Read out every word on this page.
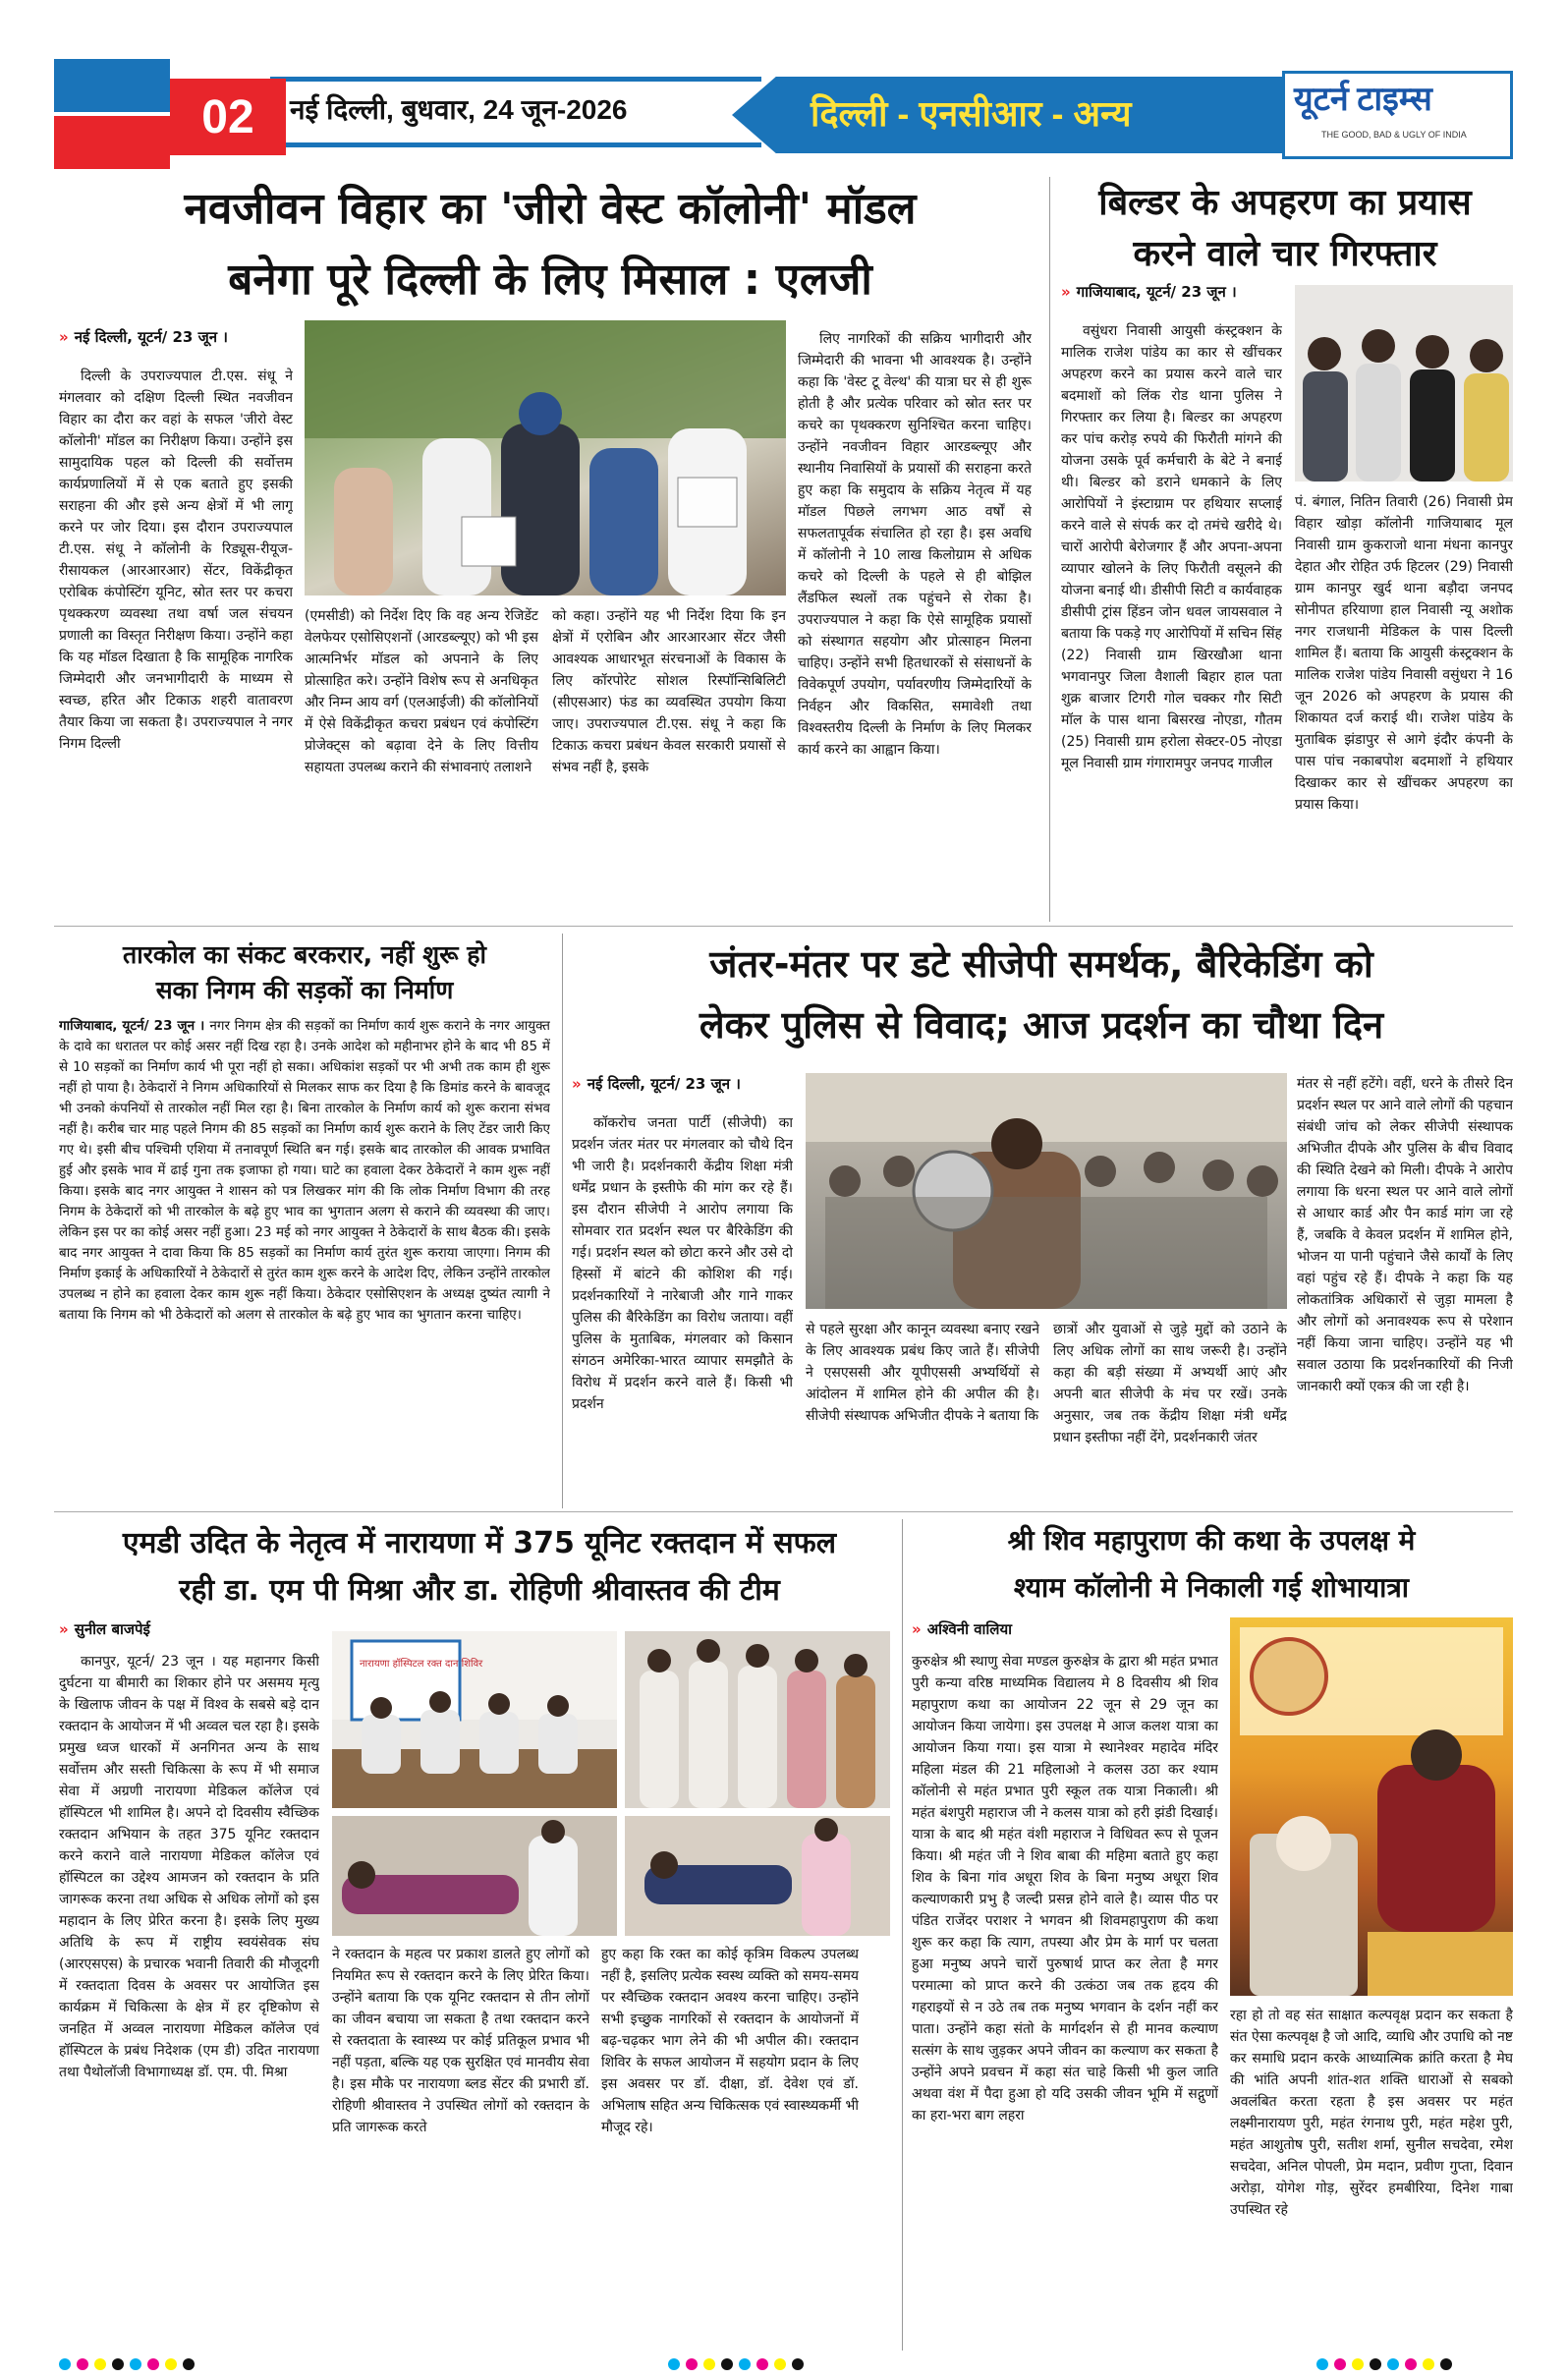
02	नई दिल्ली, बुधवार, 24 जून-2026	दिल्ली - एनसीआर - अन्य	यूटर्न टाइम्स
THE GOOD, BAD & UGLY OF INDIA
नवजीवन विहार का 'जीरो वेस्ट कॉलोनी' मॉडल
बनेगा पूरे दिल्ली के लिए मिसाल : एलजी
» नई दिल्ली, यूटर्न/ 23 जून ।
दिल्ली के उपराज्यपाल टी.एस. संधू ने मंगलवार को दक्षिण दिल्ली स्थित नवजीवन विहार का दौरा कर वहां के सफल 'जीरो वेस्ट कॉलोनी' मॉडल का निरीक्षण किया। उन्होंने इस सामुदायिक पहल को दिल्ली की सर्वोत्तम कार्यप्रणालियों में से एक बताते हुए इसकी सराहना की और इसे अन्य क्षेत्रों में भी लागू करने पर जोर दिया। इस दौरान उपराज्यपाल टी.एस. संधू ने कॉलोनी के रिड्यूस-रीयूज-रीसायकल (आरआरआर) सेंटर, विकेंद्रीकृत एरोबिक कंपोस्टिंग यूनिट, स्रोत स्तर पर कचरा पृथक्करण व्यवस्था तथा वर्षा जल संचयन प्रणाली का विस्तृत निरीक्षण किया। उन्होंने कहा कि यह मॉडल दिखाता है कि सामूहिक नागरिक जिम्मेदारी और जनभागीदारी के माध्यम से स्वच्छ, हरित और टिकाऊ शहरी वातावरण तैयार किया जा सकता है। उपराज्यपाल ने नगर निगम दिल्ली
(एमसीडी) को निर्देश दिए कि वह अन्य रेजिडेंट वेलफेयर एसोसिएशनों (आरडब्ल्यूए) को भी इस आत्मनिर्भर मॉडल को अपनाने के लिए प्रोत्साहित करे। उन्होंने विशेष रूप से अनधिकृत और निम्न आय वर्ग (एलआईजी) की कॉलोनियों में ऐसे विकेंद्रीकृत कचरा प्रबंधन एवं कंपोस्टिंग प्रोजेक्ट्स को बढ़ावा देने के लिए वित्तीय सहायता उपलब्ध कराने की संभावनाएं तलाशने
को कहा। उन्होंने यह भी निर्देश दिया कि इन क्षेत्रों में एरोबिन और आरआरआर सेंटर जैसी आवश्यक आधारभूत संरचनाओं के विकास के लिए कॉरपोरेट सोशल रिस्पॉन्सिबिलिटी (सीएसआर) फंड का व्यवस्थित उपयोग किया जाए। उपराज्यपाल टी.एस. संधू ने कहा कि टिकाऊ कचरा प्रबंधन केवल सरकारी प्रयासों से संभव नहीं है, इसके
लिए नागरिकों की सक्रिय भागीदारी और जिम्मेदारी की भावना भी आवश्यक है। उन्होंने कहा कि 'वेस्ट टू वेल्थ' की यात्रा घर से ही शुरू होती है और प्रत्येक परिवार को स्रोत स्तर पर कचरे का पृथक्करण सुनिश्चित करना चाहिए। उन्होंने नवजीवन विहार आरडब्ल्यूए और स्थानीय निवासियों के प्रयासों की सराहना करते हुए कहा कि समुदाय के सक्रिय नेतृत्व में यह मॉडल पिछले लगभग आठ वर्षों से सफलतापूर्वक संचालित हो रहा है। इस अवधि में कॉलोनी ने 10 लाख किलोग्राम से अधिक कचरे को दिल्ली के पहले से ही बोझिल लैंडफिल स्थलों तक पहुंचने से रोका है। उपराज्यपाल ने कहा कि ऐसे सामूहिक प्रयासों को संस्थागत सहयोग और प्रोत्साहन मिलना चाहिए। उन्होंने सभी हितधारकों से संसाधनों के विवेकपूर्ण उपयोग, पर्यावरणीय जिम्मेदारियों के निर्वहन और विकसित, समावेशी तथा विश्वस्तरीय दिल्ली के निर्माण के लिए मिलकर कार्य करने का आह्वान किया।
बिल्डर के अपहरण का प्रयास
करने वाले चार गिरफ्तार
» गाजियाबाद, यूटर्न/ 23 जून ।
वसुंधरा निवासी आयुसी कंस्ट्रक्शन के मालिक राजेश पांडेय का कार से खींचकर अपहरण करने का प्रयास करने वाले चार बदमाशों को लिंक रोड थाना पुलिस ने गिरफ्तार कर लिया है। बिल्डर का अपहरण कर पांच करोड़ रुपये की फिरौती मांगने की योजना उसके पूर्व कर्मचारी के बेटे ने बनाई थी। बिल्डर को डराने धमकाने के लिए आरोपियों ने इंस्टाग्राम पर हथियार सप्लाई करने वाले से संपर्क कर दो तमंचे खरीदे थे। चारों आरोपी बेरोजगार हैं और अपना-अपना व्यापार खोलने के लिए फिरौती वसूलने की योजना बनाई थी। डीसीपी सिटी व कार्यवाहक डीसीपी ट्रांस हिंडन जोन धवल जायसवाल ने बताया कि पकड़े गए आरोपियों में सचिन सिंह (22) निवासी ग्राम खिरखौआ थाना भगवानपुर जिला वैशाली बिहार हाल पता शुक्र बाजार टिगरी गोल चक्कर गौर सिटी मॉल के पास थाना बिसरख नोएडा, गौतम (25) निवासी ग्राम हरोला सेक्टर-05 नोएडा मूल निवासी ग्राम गंगारामपुर जनपद गाजील
पं. बंगाल, नितिन तिवारी (26) निवासी प्रेम विहार खोड़ा कॉलोनी गाजियाबाद मूल निवासी ग्राम कुकराजो थाना मंधना कानपुर देहात और रोहित उर्फ हिटलर (29) निवासी ग्राम कानपुर खुर्द थाना बड़ौदा जनपद सोनीपत हरियाणा हाल निवासी न्यू अशोक नगर राजधानी मेडिकल के पास दिल्ली शामिल हैं। बताया कि आयुसी कंस्ट्रक्शन के मालिक राजेश पांडेय निवासी वसुंधरा ने 16 जून 2026 को अपहरण के प्रयास की शिकायत दर्ज कराई थी। राजेश पांडेय के मुताबिक झंडापुर से आगे इंदौर कंपनी के पास पांच नकाबपोश बदमाशों ने हथियार दिखाकर कार से खींचकर अपहरण का प्रयास किया।
तारकोल का संकट बरकरार, नहीं शुरू हो
सका निगम की सड़कों का निर्माण
गाजियाबाद, यूटर्न/ 23 जून । नगर निगम क्षेत्र की सड़कों का निर्माण कार्य शुरू कराने के नगर आयुक्त के दावे का धरातल पर कोई असर नहीं दिख रहा है। उनके आदेश को महीनाभर होने के बाद भी 85 में से 10 सड़कों का निर्माण कार्य भी पूरा नहीं हो सका। अधिकांश सड़कों पर भी अभी तक काम ही शुरू नहीं हो पाया है। ठेकेदारों ने निगम अधिकारियों से मिलकर साफ कर दिया है कि डिमांड करने के बावजूद भी उनको कंपनियों से तारकोल नहीं मिल रहा है। बिना तारकोल के निर्माण कार्य को शुरू कराना संभव नहीं है। करीब चार माह पहले निगम की 85 सड़कों का निर्माण कार्य शुरू कराने के लिए टेंडर जारी किए गए थे। इसी बीच पश्चिमी एशिया में तनावपूर्ण स्थिति बन गई। इसके बाद तारकोल की आवक प्रभावित हुई और इसके भाव में ढाई गुना तक इजाफा हो गया। घाटे का हवाला देकर ठेकेदारों ने काम शुरू नहीं किया। इसके बाद नगर आयुक्त ने शासन को पत्र लिखकर मांग की कि लोक निर्माण विभाग की तरह निगम के ठेकेदारों को भी तारकोल के बढ़े हुए भाव का भुगतान अलग से कराने की व्यवस्था की जाए। लेकिन इस पर का कोई असर नहीं हुआ। 23 मई को नगर आयुक्त ने ठेकेदारों के साथ बैठक की। इसके बाद नगर आयुक्त ने दावा किया कि 85 सड़कों का निर्माण कार्य तुरंत शुरू कराया जाएगा। निगम की निर्माण इकाई के अधिकारियों ने ठेकेदारों से तुरंत काम शुरू करने के आदेश दिए, लेकिन उन्होंने तारकोल उपलब्ध न होने का हवाला देकर काम शुरू नहीं किया। ठेकेदार एसोसिएशन के अध्यक्ष दुष्यंत त्यागी ने बताया कि निगम को भी ठेकेदारों को अलग से तारकोल के बढ़े हुए भाव का भुगतान करना चाहिए।
जंतर-मंतर पर डटे सीजेपी समर्थक, बैरिकेडिंग को
लेकर पुलिस से विवाद; आज प्रदर्शन का चौथा दिन
» नई दिल्ली, यूटर्न/ 23 जून ।
कॉकरोच जनता पार्टी (सीजेपी) का प्रदर्शन जंतर मंतर पर मंगलवार को चौथे दिन भी जारी है। प्रदर्शनकारी केंद्रीय शिक्षा मंत्री धर्मेंद्र प्रधान के इस्तीफे की मांग कर रहे हैं। इस दौरान सीजेपी ने आरोप लगाया कि सोमवार रात प्रदर्शन स्थल पर बैरिकेडिंग की गई। प्रदर्शन स्थल को छोटा करने और उसे दो हिस्सों में बांटने की कोशिश की गई। प्रदर्शनकारियों ने नारेबाजी और गाने गाकर पुलिस की बैरिकेडिंग का विरोध जताया। वहीं पुलिस के मुताबिक, मंगलवार को किसान संगठन अमेरिका-भारत व्यापार समझौते के विरोध में प्रदर्शन करने वाले हैं। किसी भी प्रदर्शन
से पहले सुरक्षा और कानून व्यवस्था बनाए रखने के लिए आवश्यक प्रबंध किए जाते हैं। सीजेपी ने एसएससी और यूपीएससी अभ्यर्थियों से आंदोलन में शामिल होने की अपील की है। सीजेपी संस्थापक अभिजीत दीपके ने बताया कि
छात्रों और युवाओं से जुड़े मुद्दों को उठाने के लिए अधिक लोगों का साथ जरूरी है। उन्होंने कहा की बड़ी संख्या में अभ्यर्थी आएं और अपनी बात सीजेपी के मंच पर रखें। उनके अनुसार, जब तक केंद्रीय शिक्षा मंत्री धर्मेंद्र प्रधान इस्तीफा नहीं देंगे, प्रदर्शनकारी जंतर
मंतर से नहीं हटेंगे। वहीं, धरने के तीसरे दिन प्रदर्शन स्थल पर आने वाले लोगों की पहचान संबंधी जांच को लेकर सीजेपी संस्थापक अभिजीत दीपके और पुलिस के बीच विवाद की स्थिति देखने को मिली। दीपके ने आरोप लगाया कि धरना स्थल पर आने वाले लोगों से आधार कार्ड और पैन कार्ड मांग जा रहे हैं, जबकि वे केवल प्रदर्शन में शामिल होने, भोजन या पानी पहुंचाने जैसे कार्यों के लिए वहां पहुंच रहे हैं। दीपके ने कहा कि यह लोकतांत्रिक अधिकारों से जुड़ा मामला है और लोगों को अनावश्यक रूप से परेशान नहीं किया जाना चाहिए। उन्होंने यह भी सवाल उठाया कि प्रदर्शनकारियों की निजी जानकारी क्यों एकत्र की जा रही है।
एमडी उदित के नेतृत्व में नारायणा में 375 यूनिट रक्तदान में सफल
रही डा. एम पी मिश्रा और डा. रोहिणी श्रीवास्तव की टीम
» सुनील बाजपेई
कानपुर, यूटर्न/ 23 जून । यह महानगर किसी दुर्घटना या बीमारी का शिकार होने पर असमय मृत्यु के खिलाफ जीवन के पक्ष में विश्व के सबसे बड़े दान रक्तदान के आयोजन में भी अव्वल चल रहा है। इसके प्रमुख ध्वज धारकों में अनगिनत अन्य के साथ सर्वोत्तम और सस्ती चिकित्सा के रूप में भी समाज सेवा में अग्रणी नारायणा मेडिकल कॉलेज एवं हॉस्पिटल भी शामिल है। अपने दो दिवसीय स्वैच्छिक रक्तदान अभियान के तहत 375 यूनिट रक्तदान करने कराने वाले नारायणा मेडिकल कॉलेज एवं हॉस्पिटल का उद्देश्य आमजन को रक्तदान के प्रति जागरूक करना तथा अधिक से अधिक लोगों को इस महादान के लिए प्रेरित करना है। इसके लिए मुख्य अतिथि के रूप में राष्ट्रीय स्वयंसेवक संघ (आरएसएस) के प्रचारक भवानी तिवारी की मौजूदगी में रक्तदाता दिवस के अवसर पर आयोजित इस कार्यक्रम में चिकित्सा के क्षेत्र में हर दृष्टिकोण से जनहित में अव्वल नारायणा मेडिकल कॉलेज एवं हॉस्पिटल के प्रबंध निदेशक (एम डी) उदित नारायणा तथा पैथोलॉजी विभागाध्यक्ष डॉ. एम. पी. मिश्रा
नारायणा हॉस्पिटल रक्त दान शिविर
ने रक्तदान के महत्व पर प्रकाश डालते हुए लोगों को नियमित रूप से रक्तदान करने के लिए प्रेरित किया। उन्होंने बताया कि एक यूनिट रक्तदान से तीन लोगों का जीवन बचाया जा सकता है तथा रक्तदान करने से रक्तदाता के स्वास्थ्य पर कोई प्रतिकूल प्रभाव भी नहीं पड़ता, बल्कि यह एक सुरक्षित एवं मानवीय सेवा है। इस मौके पर नारायणा ब्लड सेंटर की प्रभारी डॉ. रोहिणी श्रीवास्तव ने उपस्थित लोगों को रक्तदान के प्रति जागरूक करते
हुए कहा कि रक्त का कोई कृत्रिम विकल्प उपलब्ध नहीं है, इसलिए प्रत्येक स्वस्थ व्यक्ति को समय-समय पर स्वैच्छिक रक्तदान अवश्य करना चाहिए। उन्होंने सभी इच्छुक नागरिकों से रक्तदान के आयोजनों में बढ़-चढ़कर भाग लेने की भी अपील की। रक्तदान शिविर के सफल आयोजन में सहयोग प्रदान के लिए इस अवसर पर डॉ. दीक्षा, डॉ. देवेश एवं डॉ. अभिलाष सहित अन्य चिकित्सक एवं स्वास्थ्यकर्मी भी मौजूद रहे।
श्री शिव महापुराण की कथा के उपलक्ष मे
श्याम कॉलोनी मे निकाली गई शोभायात्रा
» अश्विनी वालिया
कुरुक्षेत्र श्री स्थाणु सेवा मण्डल कुरुक्षेत्र के द्वारा श्री महंत प्रभात पुरी कन्या वरिष्ठ माध्यमिक विद्यालय मे 8 दिवसीय श्री शिव महापुराण कथा का आयोजन 22 जून से 29 जून का आयोजन किया जायेगा। इस उपलक्ष मे आज कलश यात्रा का आयोजन किया गया। इस यात्रा मे स्थानेश्वर महादेव मंदिर महिला मंडल की 21 महिलाओ ने कलस उठा कर श्याम कॉलोनी से महंत प्रभात पुरी स्कूल तक यात्रा निकाली। श्री महंत बंशपुरी महाराज जी ने कलस यात्रा को हरी झंडी दिखाई। यात्रा के बाद श्री महंत वंशी महाराज ने विधिवत रूप से पूजन किया। श्री महंत जी ने शिव बाबा की महिमा बताते हुए कहा शिव के बिना गांव अधूरा शिव के बिना मनुष्य अधूरा शिव कल्याणकारी प्रभु है जल्दी प्रसन्न होने वाले है। व्यास पीठ पर पंडित राजेंदर पराशर ने भगवन श्री शिवमहापुराण की कथा शुरू कर कहा कि त्याग, तपस्या और प्रेम के मार्ग पर चलता हुआ मनुष्य अपने चारों पुरुषार्थ प्राप्त कर लेता है मगर परमात्मा को प्राप्त करने की उत्कंठा जब तक हृदय की गहराइयों से न उठे तब तक मनुष्य भगवान के दर्शन नहीं कर पाता। उन्होंने कहा संतो के मार्गदर्शन से ही मानव कल्याण सत्संग के साथ जुड़कर अपने जीवन का कल्याण कर सकता है उन्होंने अपने प्रवचन में कहा संत चाहे किसी भी कुल जाति अथवा वंश में पैदा हुआ हो यदि उसकी जीवन भूमि में सद्गुणों का हरा-भरा बाग लहरा
रहा हो तो वह संत साक्षात कल्पवृक्ष प्रदान कर सकता है संत ऐसा कल्पवृक्ष है जो आदि, व्याधि और उपाधि को नष्ट कर समाधि प्रदान करके आध्यात्मिक क्रांति करता है मेघ की भांति अपनी शांत-शत शक्ति धाराओं से सबको अवलंबित करता रहता है इस अवसर पर महंत लक्ष्मीनारायण पुरी, महंत रंगनाथ पुरी, महंत महेश पुरी, महंत आशुतोष पुरी, सतीश शर्मा, सुनील सचदेवा, रमेश सचदेवा, अनिल पोपली, प्रेम मदान, प्रवीण गुप्ता, दिवान अरोड़ा, योगेश गोड़, सुरेंदर हमबीरिया, दिनेश गाबा उपस्थित रहे
